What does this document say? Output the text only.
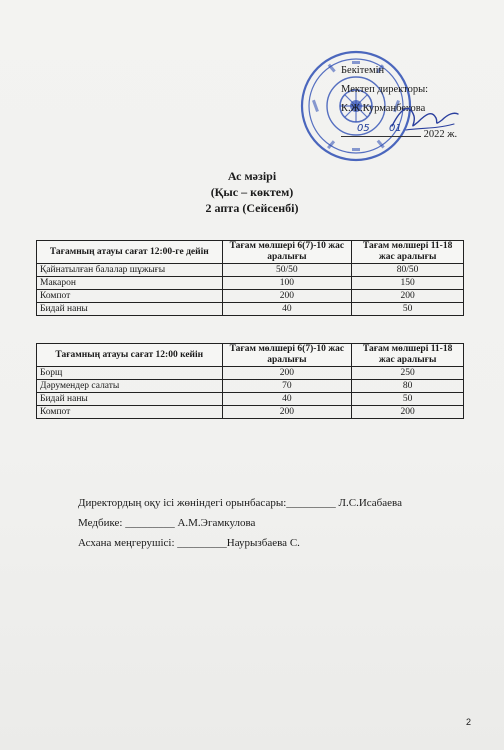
Бекітемін
Мектеп директоры:
К.Ж.Курманбекова

05 01
2022 ж.
Ас мәзірі
(Қыс – көктем)
2 апта (Сейсенбі)
Тағамның атауы сағат 12:00-ге дейін	Тағам мөлшері 6(7)-10 жас аралығы	Тағам мөлшері 11-18 жас аралығы
Қайнатылған балалар шұжығы	50/50	80/50
Макарон	100	150
Компот	200	200
Бидай наны	40	50
Тағамның атауы сағат 12:00 кейін	Тағам мөлшері 6(7)-10 жас аралығы	Тағам мөлшері 11-18 жас аралығы
Борщ	200	250
Дәрумендер салаты	70	80
Бидай наны	40	50
Компот	200	200
Директордың оқу ісі жөніндегі орынбасары:_________ Л.С.Исабаева
Медбике: _________ А.М.Эгамкулова
Асхана меңгерушісі: _________Наурызбаева С.
2
